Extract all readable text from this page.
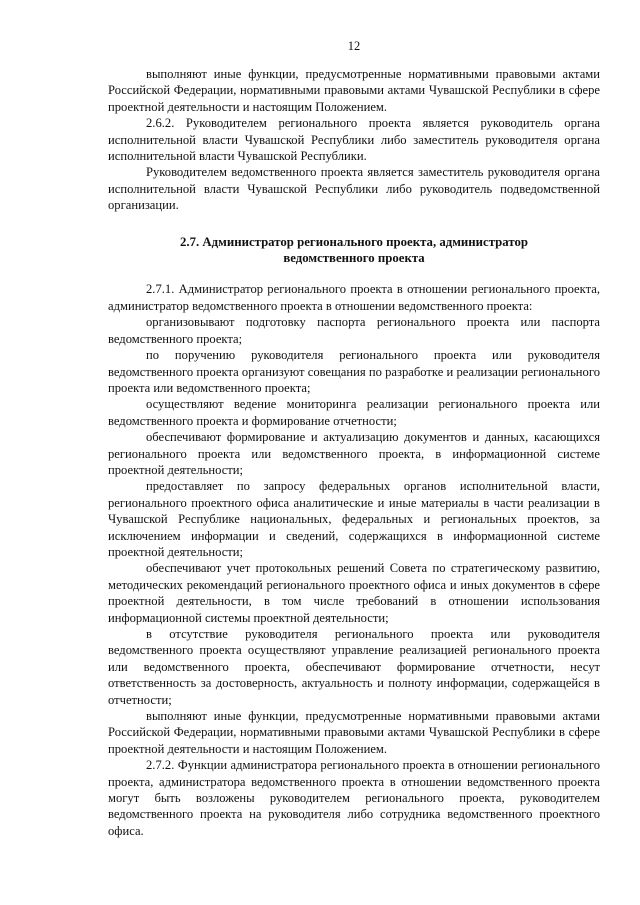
12

выполняют иные функции, предусмотренные нормативными правовыми актами Российской Федерации, нормативными правовыми актами Чувашской Республики в сфере проектной деятельности и настоящим Положением.

2.6.2. Руководителем регионального проекта является руководитель органа исполнительной власти Чувашской Республики либо заместитель руководителя органа исполнительной власти Чувашской Республики.

Руководителем ведомственного проекта является заместитель руководителя органа исполнительной власти Чувашской Республики либо руководитель подведомственной организации.

2.7. Администратор регионального проекта, администратор
ведомственного проекта

2.7.1. Администратор регионального проекта в отношении регионального проекта, администратор ведомственного проекта в отношении ведомственного проекта:

организовывают подготовку паспорта регионального проекта или паспорта ведомственного проекта;

по поручению руководителя регионального проекта или руководителя ведомственного проекта организуют совещания по разработке и реализации регионального проекта или ведомственного проекта;

осуществляют ведение мониторинга реализации регионального проекта или ведомственного проекта и формирование отчетности;

обеспечивают формирование и актуализацию документов и данных, касающихся регионального проекта или ведомственного проекта, в информационной системе проектной деятельности;

предоставляет по запросу федеральных органов исполнительной власти, регионального проектного офиса аналитические и иные материалы в части реализации в Чувашской Республике национальных, федеральных и региональных проектов, за исключением информации и сведений, содержащихся в информационной системе проектной деятельности;

обеспечивают учет протокольных решений Совета по стратегическому развитию, методических рекомендаций регионального проектного офиса и иных документов в сфере проектной деятельности, в том числе требований в отношении использования информационной системы проектной деятельности;

в отсутствие руководителя регионального проекта или руководителя ведомственного проекта осуществляют управление реализацией регионального проекта или ведомственного проекта, обеспечивают формирование отчетности, несут ответственность за достоверность, актуальность и полноту информации, содержащейся в отчетности;

выполняют иные функции, предусмотренные нормативными правовыми актами Российской Федерации, нормативными правовыми актами Чувашской Республики в сфере проектной деятельности и настоящим Положением.

2.7.2. Функции администратора регионального проекта в отношении регионального проекта, администратора ведомственного проекта в отношении ведомственного проекта могут быть возложены руководителем регионального проекта, руководителем ведомственного проекта на руководителя либо сотрудника ведомственного проектного офиса.
